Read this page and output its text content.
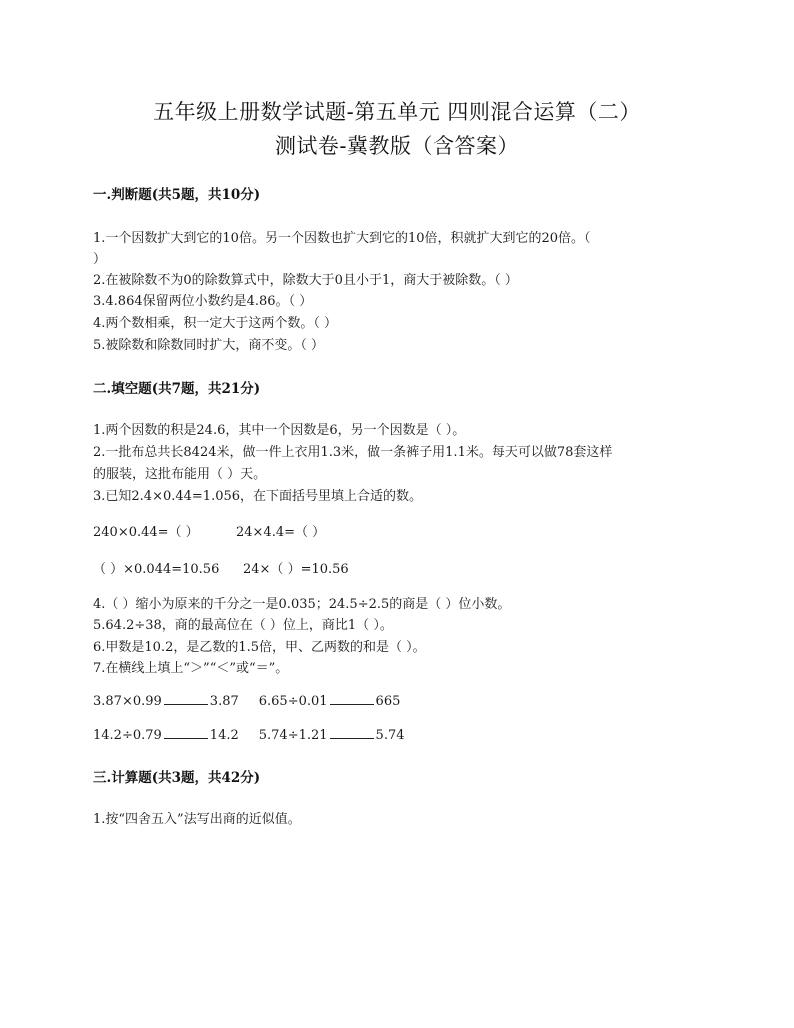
五年级上册数学试题-第五单元 四则混合运算（二）
测试卷-冀教版（含答案）
一.判断题(共5题，共10分)
1.一个因数扩大到它的10倍。另一个因数也扩大到它的10倍，积就扩大到它的20倍。（
）
2.在被除数不为0的除数算式中，除数大于0且小于1，商大于被除数。（ ）
3.4.864保留两位小数约是4.86。（ ）
4.两个数相乘，积一定大于这两个数。（ ）
5.被除数和除数同时扩大，商不变。（ ）
二.填空题(共7题，共21分)
1.两个因数的积是24.6，其中一个因数是6，另一个因数是（ ）。
2.一批布总共长8424米，做一件上衣用1.3米，做一条裤子用1.1米。每天可以做78套这样
的服装，这批布能用（ ）天。
3.已知2.4×0.44=1.056，在下面括号里填上合适的数。
240×0.44=（ ）	24×4.4=（ ）
（ ）×0.044=10.56 24×（ ）=10.56
4.（ ）缩小为原来的千分之一是0.035；24.5÷2.5的商是（ ）位小数。
5.64.2÷38，商的最高位在（ ）位上，商比1（ ）。
6.甲数是10.2，是乙数的1.5倍，甲、乙两数的和是（ ）。
7.在横线上填上“＞”“＜”或“＝”。
3.87×0.99	3.87 6.65÷0.01	665
14.2÷0.79	14.2 5.74÷1.21	5.74
三.计算题(共3题，共42分)
1.按“四舍五入”法写出商的近似值。
